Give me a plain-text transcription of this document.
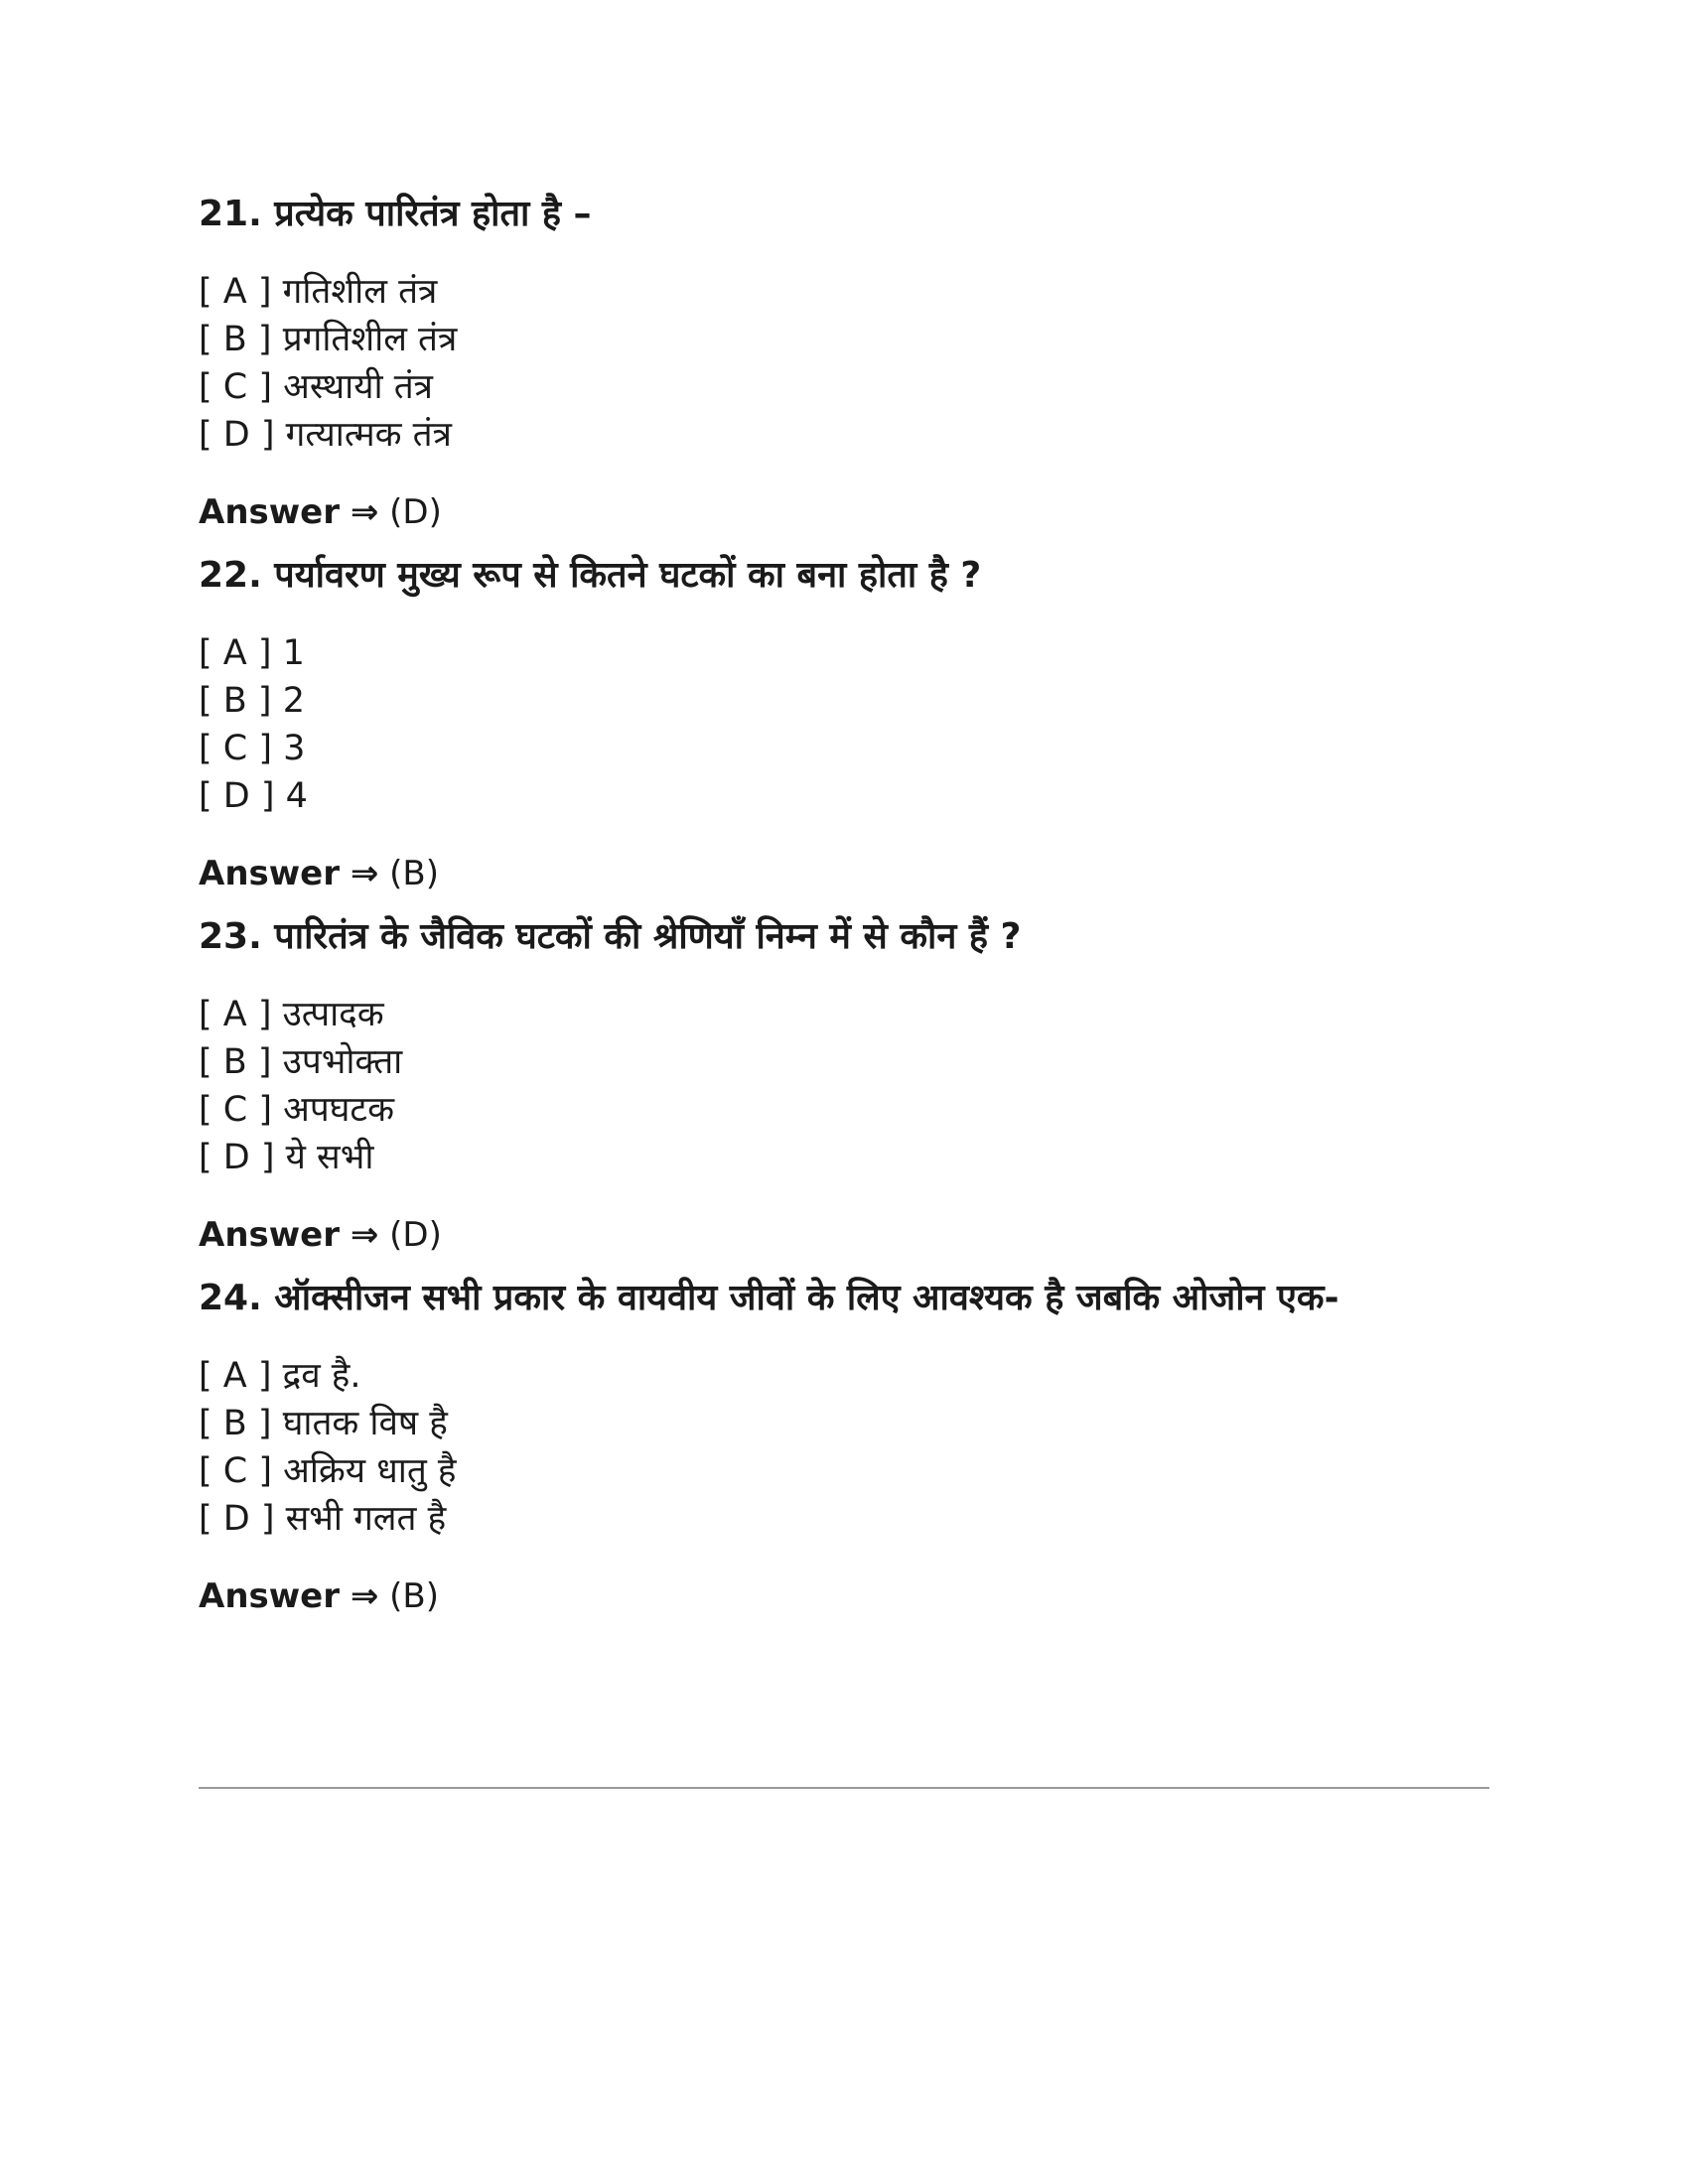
21. प्रत्येक पारितंत्र होता है –
[ A ] गतिशील तंत्र
[ B ] प्रगतिशील तंत्र
[ C ] अस्थायी तंत्र
[ D ] गत्यात्मक तंत्र
Answer ⇒ (D)
22. पर्यावरण मुख्य रूप से कितने घटकों का बना होता है ?
[ A ] 1
[ B ] 2
[ C ] 3
[ D ] 4
Answer ⇒ (B)
23. पारितंत्र के जैविक घटकों की श्रेणियाँ निम्न में से कौन हैं ?
[ A ] उत्पादक
[ B ] उपभोक्ता
[ C ] अपघटक
[ D ] ये सभी
Answer ⇒ (D)
24. ऑक्सीजन सभी प्रकार के वायवीय जीवों के लिए आवश्यक है जबकि ओजोन एक-
[ A ] द्रव है.
[ B ] घातक विष है
[ C ] अक्रिय धातु है
[ D ] सभी गलत है
Answer ⇒ (B)
